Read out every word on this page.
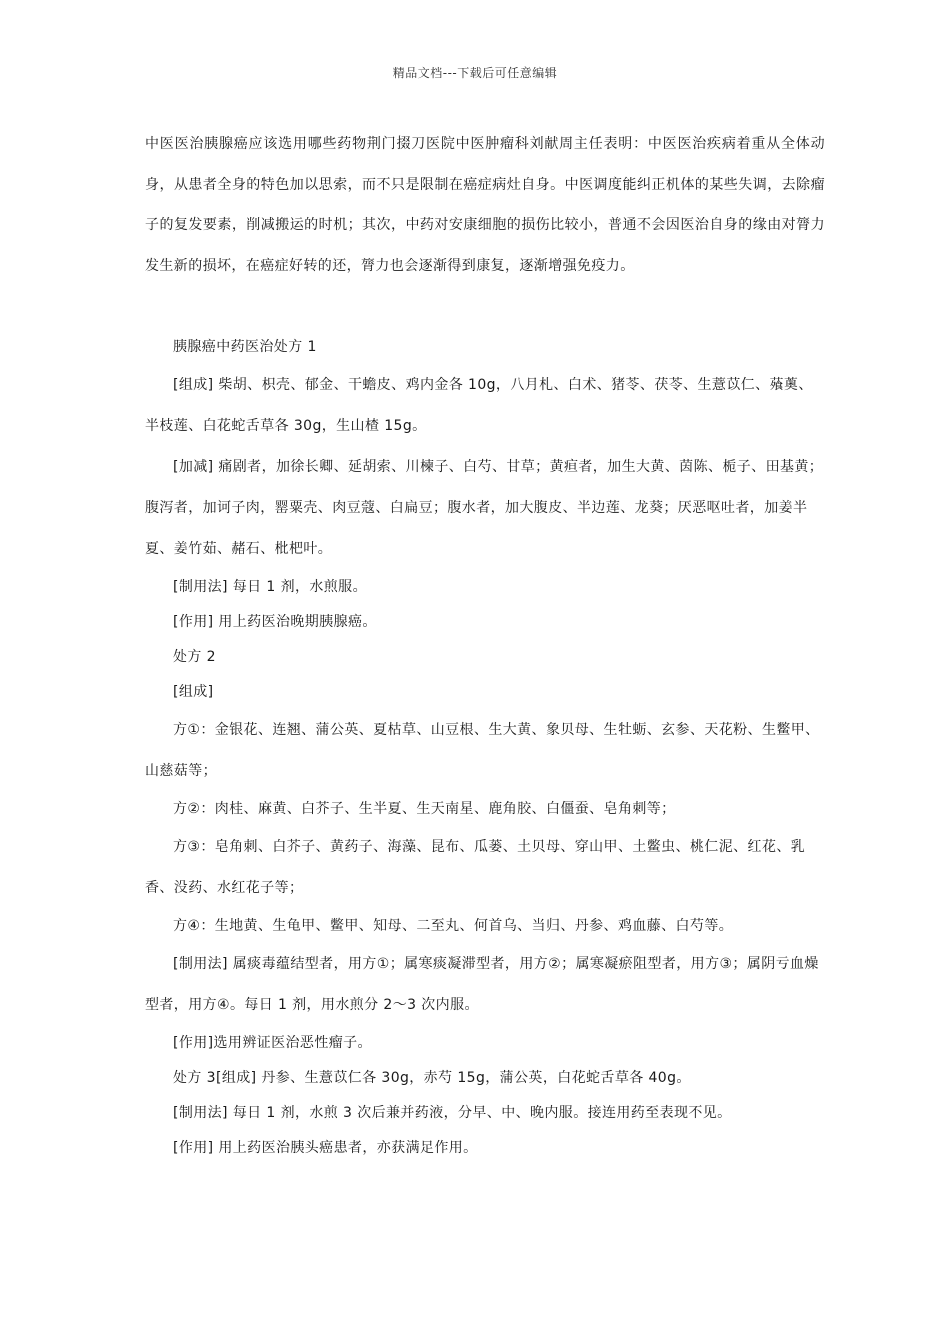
精品文档---下载后可任意编辑

中医医治胰腺癌应该选用哪些药物荆门掇刀医院中医肿瘤科刘献周主任表明：中医医治疾病着重从全体动身，从患者全身的特色加以思索，而不只是限制在癌症病灶自身。中医调度能纠正机体的某些失调，去除瘤子的复发要素，削减搬运的时机；其次，中药对安康细胞的损伤比较小，普通不会因医治自身的缘由对膂力发生新的损坏，在癌症好转的还，膂力也会逐渐得到康复，逐渐增强免疫力。

胰腺癌中药医治处方 1

[组成] 柴胡、枳壳、郁金、干蟾皮、鸡内金各 10g，八月札、白术、猪苓、茯苓、生薏苡仁、蕵薁、半枝莲、白花蛇舌草各 30g，生山楂 15g。

[加减] 痛剧者，加徐长卿、延胡索、川楝子、白芍、甘草；黄疸者，加生大黄、茵陈、栀子、田基黄；腹泻者，加诃子肉，罂粟壳、肉豆蔻、白扁豆；腹水者，加大腹皮、半边莲、龙葵；厌恶呕吐者，加姜半夏、姜竹茹、赭石、枇杷叶。

[制用法] 每日 1 剂，水煎服。

[作用] 用上药医治晚期胰腺癌。

处方 2

[组成]

方①：金银花、连翘、蒲公英、夏枯草、山豆根、生大黄、象贝母、生牡蛎、玄参、天花粉、生鳖甲、山慈菇等；

方②：肉桂、麻黄、白芥子、生半夏、生天南星、鹿角胶、白僵蚕、皂角刺等；

方③：皂角刺、白芥子、黄药子、海藻、昆布、瓜蒌、土贝母、穿山甲、土鳖虫、桃仁泥、红花、乳香、没药、水红花子等；

方④：生地黄、生龟甲、鳖甲、知母、二至丸、何首乌、当归、丹参、鸡血藤、白芍等。

[制用法] 属痰毒蕴结型者，用方①；属寒痰凝滞型者，用方②；属寒凝瘀阻型者，用方③；属阴亏血燥型者，用方④。每日 1 剂，用水煎分 2～3 次内服。

[作用]选用辨证医治恶性瘤子。

处方 3[组成] 丹参、生薏苡仁各 30g，赤芍 15g，蒲公英，白花蛇舌草各 40g。

[制用法] 每日 1 剂，水煎 3 次后兼并药液，分早、中、晚内服。接连用药至表现不见。

[作用] 用上药医治胰头癌患者，亦获满足作用。
